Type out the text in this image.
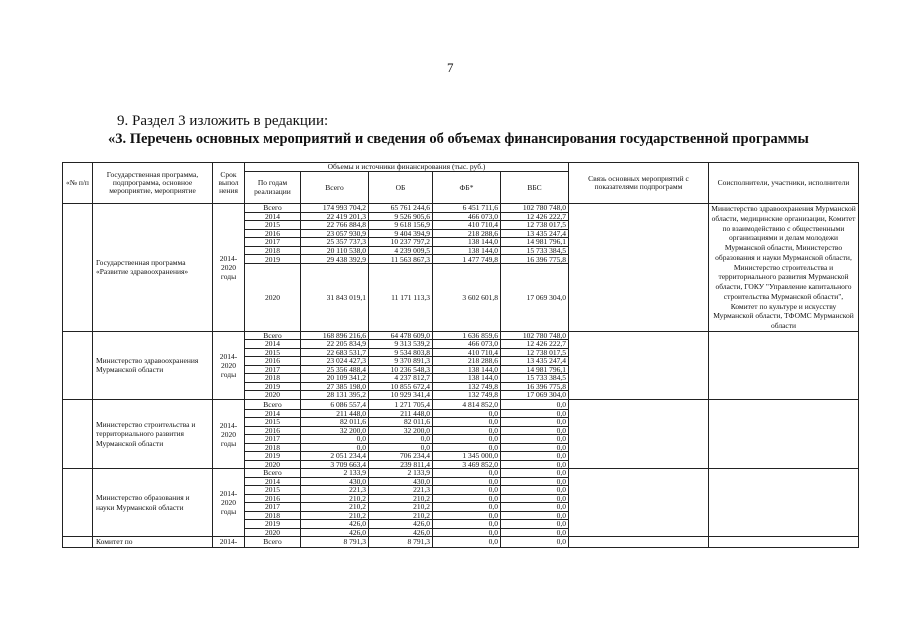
7
9. Раздел 3 изложить в редакции:
«3. Перечень основных мероприятий и сведения об объемах финансирования государственной программы
«№ п/п	Государственная программа, подпрограмма, основное мероприятие, мероприятие	Срок выпол нения	Объемы и источники финансирования (тыс. руб.)					Связь основных мероприятий с показателями подпрограмм	Соисполнители, участники, исполнители
			По годам реализации	Всего	ОБ	ФБ*	ВБС		
	Государственная программа «Развитие здравоохранения»	2014-2020 годы	Всего	174 993 704,2	65 761 244,6	6 451 711,6	102 780 748,0		Министерство здравоохранения Мурманской области, медицинские организации, Комитет по взаимодействию с общественными организациями и делам молодежи Мурманской области, Министерство образования и науки Мурманской области, Министерство строительства и территориального развития Мурманской области, ГОКУ "Управление капитального строительства Мурманской области", Комитет по культуре и искусству Мурманской области, ТФОМС Мурманской области
			2014	22 419 201,3	9 526 905,6	466 073,0	12 426 222,7		
			2015	22 766 884,8	9 618 156,9	410 710,4	12 738 017,5		
			2016	23 057 930,9	9 404 394,9	218 288,6	13 435 247,4		
			2017	25 357 737,3	10 237 797,2	138 144,0	14 981 796,1		
			2018	20 110 538,0	4 239 009,5	138 144,0	15 733 384,5		
			2019	29 438 392,9	11 563 867,3	1 477 749,8	16 396 775,8		
			2020	31 843 019,1	11 171 113,3	3 602 601,8	17 069 304,0		
	Министерство здравоохранения Мурманской области	2014-2020 годы	Всего	168 896 216,6	64 478 609,0	1 636 859,6	102 780 748,0		
			2014	22 205 834,9	9 313 539,2	466 073,0	12 426 222,7		
			2015	22 683 531,7	9 534 803,8	410 710,4	12 738 017,5		
			2016	23 024 427,3	9 370 891,3	218 288,6	13 435 247,4		
			2017	25 356 488,4	10 236 548,3	138 144,0	14 981 796,1		
			2018	20 109 341,2	4 237 812,7	138 144,0	15 733 384,5		
			2019	27 385 198,0	10 855 672,4	132 749,8	16 396 775,8		
			2020	28 131 395,2	10 929 341,4	132 749,8	17 069 304,0		
	Министерство строительства и территориального развития Мурманской области	2014-2020 годы	Всего	6 086 557,4	1 271 705,4	4 814 852,0	0,0		
			2014	211 448,0	211 448,0	0,0	0,0		
			2015	82 011,6	82 011,6	0,0	0,0		
			2016	32 200,0	32 200,0	0,0	0,0		
			2017	0,0	0,0	0,0	0,0		
			2018	0,0	0,0	0,0	0,0		
			2019	2 051 234,4	706 234,4	1 345 000,0	0,0		
			2020	3 709 663,4	239 811,4	3 469 852,0	0,0		
	Министерство образования и науки Мурманской области	2014-2020 годы	Всего	2 133,9	2 133,9	0,0	0,0		
			2014	430,0	430,0	0,0	0,0		
			2015	221,3	221,3	0,0	0,0		
			2016	210,2	210,2	0,0	0,0		
			2017	210,2	210,2	0,0	0,0		
			2018	210,2	210,2	0,0	0,0		
			2019	426,0	426,0	0,0	0,0		
			2020	426,0	426,0	0,0	0,0		
	Комитет по	2014-	Всего	8 791,3	8 791,3	0,0	0,0		
